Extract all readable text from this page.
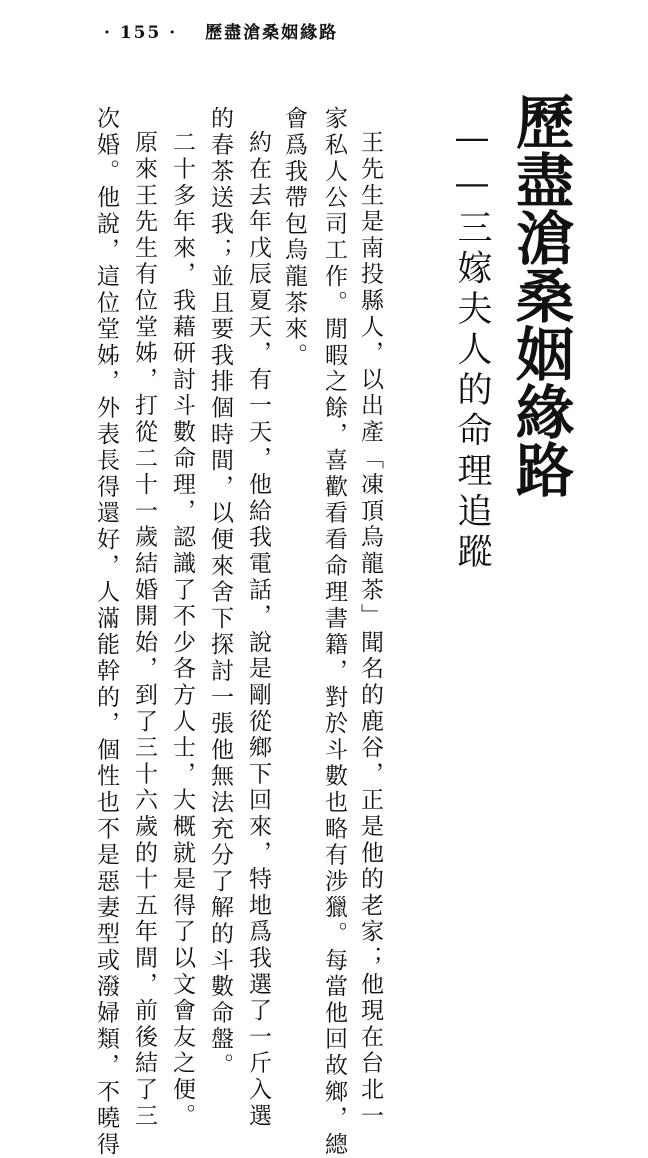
· 155 · 歷盡滄桑姻緣路
歷盡滄桑姻緣路
——三嫁夫人的命理追蹤
王先生是南投縣人，以出產「凍頂烏龍茶」聞名的鹿谷，正是他的老家；他現在台北一
家私人公司工作。閒暇之餘，喜歡看看命理書籍，對於斗數也略有涉獵。每當他回故鄉，總
會爲我帶包烏龍茶來。
約在去年戊辰夏天，有一天，他給我電話，說是剛從鄉下回來，特地爲我選了一斤入選
的春茶送我；並且要我排個時間，以便來舍下探討一張他無法充分了解的斗數命盤。
二十多年來，我藉研討斗數命理，認識了不少各方人士，大概就是得了以文會友之便。
原來王先生有位堂姊，打從二十一歲結婚開始，到了三十六歲的十五年間，前後結了三
次婚。他說，這位堂姊，外表長得還好，人滿能幹的，個性也不是惡妻型或潑婦類，不曉得
